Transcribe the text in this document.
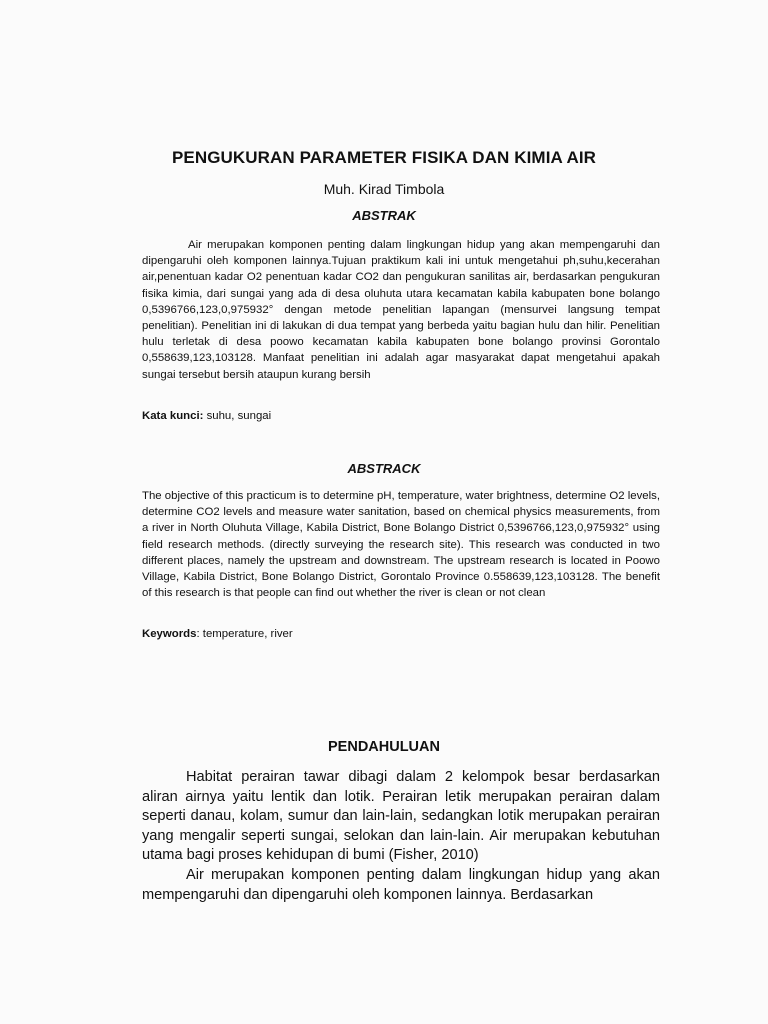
PENGUKURAN PARAMETER FISIKA DAN KIMIA AIR
Muh. Kirad Timbola
ABSTRAK

Air merupakan komponen penting dalam lingkungan hidup yang akan mempengaruhi dan dipengaruhi oleh komponen lainnya.Tujuan praktikum kali ini untuk mengetahui ph,suhu,kecerahan air,penentuan kadar O2 penentuan kadar CO2 dan pengukuran sanilitas air, berdasarkan pengukuran fisika kimia, dari sungai yang ada di desa oluhuta utara kecamatan kabila kabupaten bone bolango 0,5396766,123,0,975932° dengan metode penelitian lapangan (mensurvei langsung tempat penelitian). Penelitian ini di lakukan di dua tempat yang berbeda yaitu bagian hulu dan hilir. Penelitian hulu terletak di desa poowo kecamatan kabila kabupaten bone bolango provinsi Gorontalo 0,558639,123,103128. Manfaat penelitian ini adalah agar masyarakat dapat mengetahui apakah sungai tersebut bersih ataupun kurang bersih

Kata kunci: suhu, sungai
ABSTRACK

The objective of this practicum is to determine pH, temperature, water brightness, determine O2 levels, determine CO2 levels and measure water sanitation, based on chemical physics measurements, from a river in North Oluhuta Village, Kabila District, Bone Bolango District 0,5396766,123,0,975932° using field research methods. (directly surveying the research site). This research was conducted in two different places, namely the upstream and downstream. The upstream research is located in Poowo Village, Kabila District, Bone Bolango District, Gorontalo Province 0.558639,123,103128. The benefit of this research is that people can find out whether the river is clean or not clean

Keywords: temperature, river
PENDAHULUAN

Habitat perairan tawar dibagi dalam 2 kelompok besar berdasarkan aliran airnya yaitu lentik dan lotik. Perairan letik merupakan perairan dalam seperti danau, kolam, sumur dan lain-lain, sedangkan lotik merupakan perairan yang mengalir seperti sungai, selokan dan lain-lain. Air merupakan kebutuhan utama bagi proses kehidupan di bumi (Fisher, 2010)

Air merupakan komponen penting dalam lingkungan hidup yang akan mempengaruhi dan dipengaruhi oleh komponen lainnya. Berdasarkan
